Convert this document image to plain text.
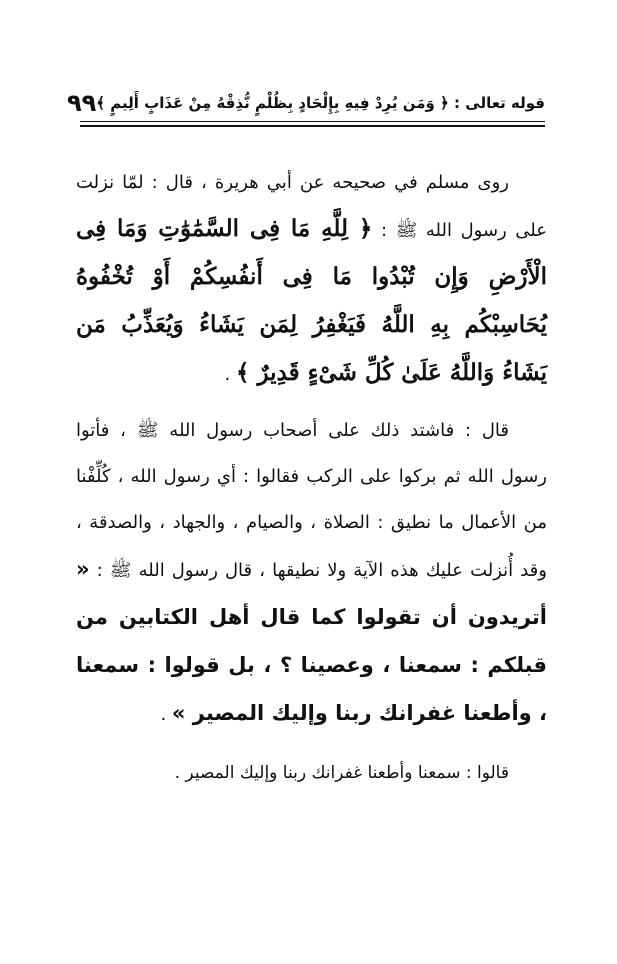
قوله تعالى : ﴿ وَمَن يُرِدْ فِيهِ بِإِلْحَادٍ بِظُلْمٍ نُّذِقْهُ مِنْ عَذَابٍ أَلِيمٍ ﴾
٩٩

روى مسلم في صحيحه عن أبي هريرة ، قال : لمّا نزلت على رسول الله ﷺ : ﴿ لِلَّهِ مَا فِى السَّمَٰوَٰتِ وَمَا فِى الْأَرْضِ وَإِن تُبْدُوا مَا فِى أَنفُسِكُمْ أَوْ تُخْفُوهُ يُحَاسِبْكُم بِهِ اللَّهُ فَيَغْفِرُ لِمَن يَشَاءُ وَيُعَذِّبُ مَن يَشَاءُ وَاللَّهُ عَلَىٰ كُلِّ شَىْءٍ قَدِيرٌ ﴾ .

قال : فاشتد ذلك على أصحاب رسول الله ﷺ ، فأتوا رسول الله ثم بركوا على الركب فقالوا : أي رسول الله ، كُلِّفْنا من الأعمال ما نطيق : الصلاة ، والصيام ، والجهاد ، والصدقة ، وقد أُنزلت عليك هذه الآية ولا نطيقها ، قال رسول الله ﷺ : « أتريدون أن تقولوا كما قال أهل الكتابين من قبلكم : سمعنا ، وعصينا ؟ ، بل قولوا : سمعنا ، وأطعنا غفرانك ربنا وإليك المصير » .

قالوا : سمعنا وأطعنا غفرانك ربنا وإليك المصير .
